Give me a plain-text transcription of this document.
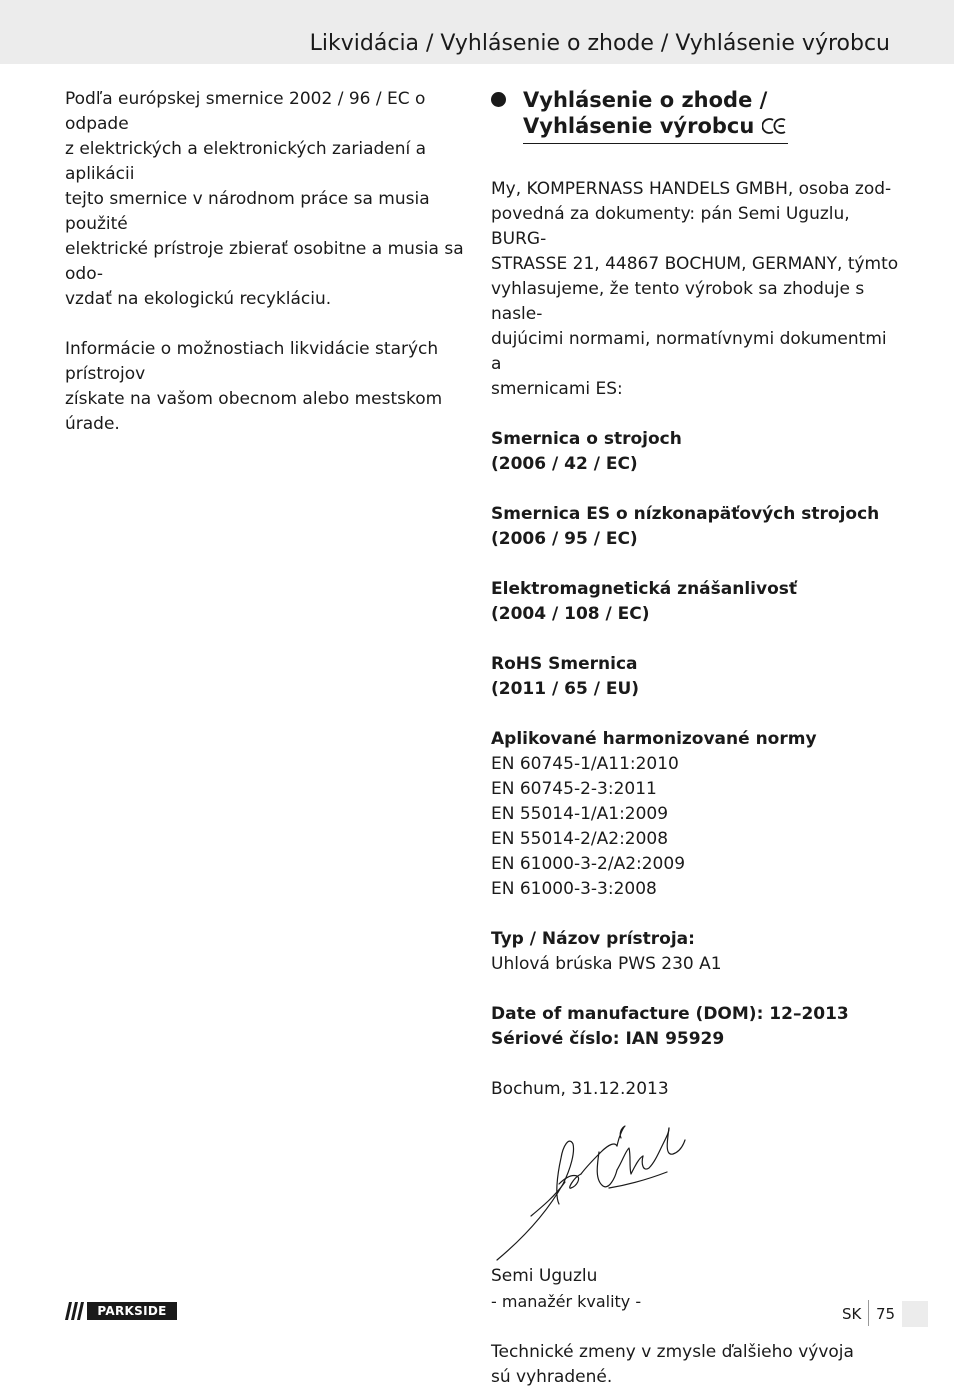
Likvidácia / Vyhlásenie o zhode / Vyhlásenie výrobcu

Podľa európskej smernice 2002 / 96 / EC o odpade
z elektrických a elektronických zariadení a aplikácii
tejto smernice v národnom práce sa musia použité
elektrické prístroje zbierať osobitne a musia sa odo-
vzdať na ekologickú recykláciu.

Informácie o možnostiach likvidácie starých prístrojov
získate na vašom obecnom alebo mestskom úrade.

Vyhlásenie o zhode /
Vyhlásenie výrobcu

My, KOMPERNASS HANDELS GMBH, osoba zod-
povedná za dokumenty: pán Semi Uguzlu, BURG-
STRASSE 21, 44867 BOCHUM, GERMANY, týmto
vyhlasujeme, že tento výrobok sa zhoduje s nasle-
dujúcimi normami, normatívnymi dokumentmi a
smernicami ES:

Smernica o strojoch
(2006 / 42 / EC)

Smernica ES o nízkonapäťových strojoch
(2006 / 95 / EC)

Elektromagnetická znášanlivosť
(2004 / 108 / EC)

RoHS Smernica
(2011 / 65 / EU)

Aplikované harmonizované normy
EN 60745-1/A11:2010
EN 60745-2-3:2011
EN 55014-1/A1:2009
EN 55014-2/A2:2008
EN 61000-3-2/A2:2009
EN 61000-3-3:2008

Typ / Názov prístroja:
Uhlová brúska PWS 230 A1

Date of manufacture (DOM): 12–2013
Sériové číslo: IAN 95929

Bochum, 31.12.2013

Semi Uguzlu
- manažér kvality -

Technické zmeny v zmysle ďalšieho vývoja
sú vyhradené.

PARKSIDE	SK 75
